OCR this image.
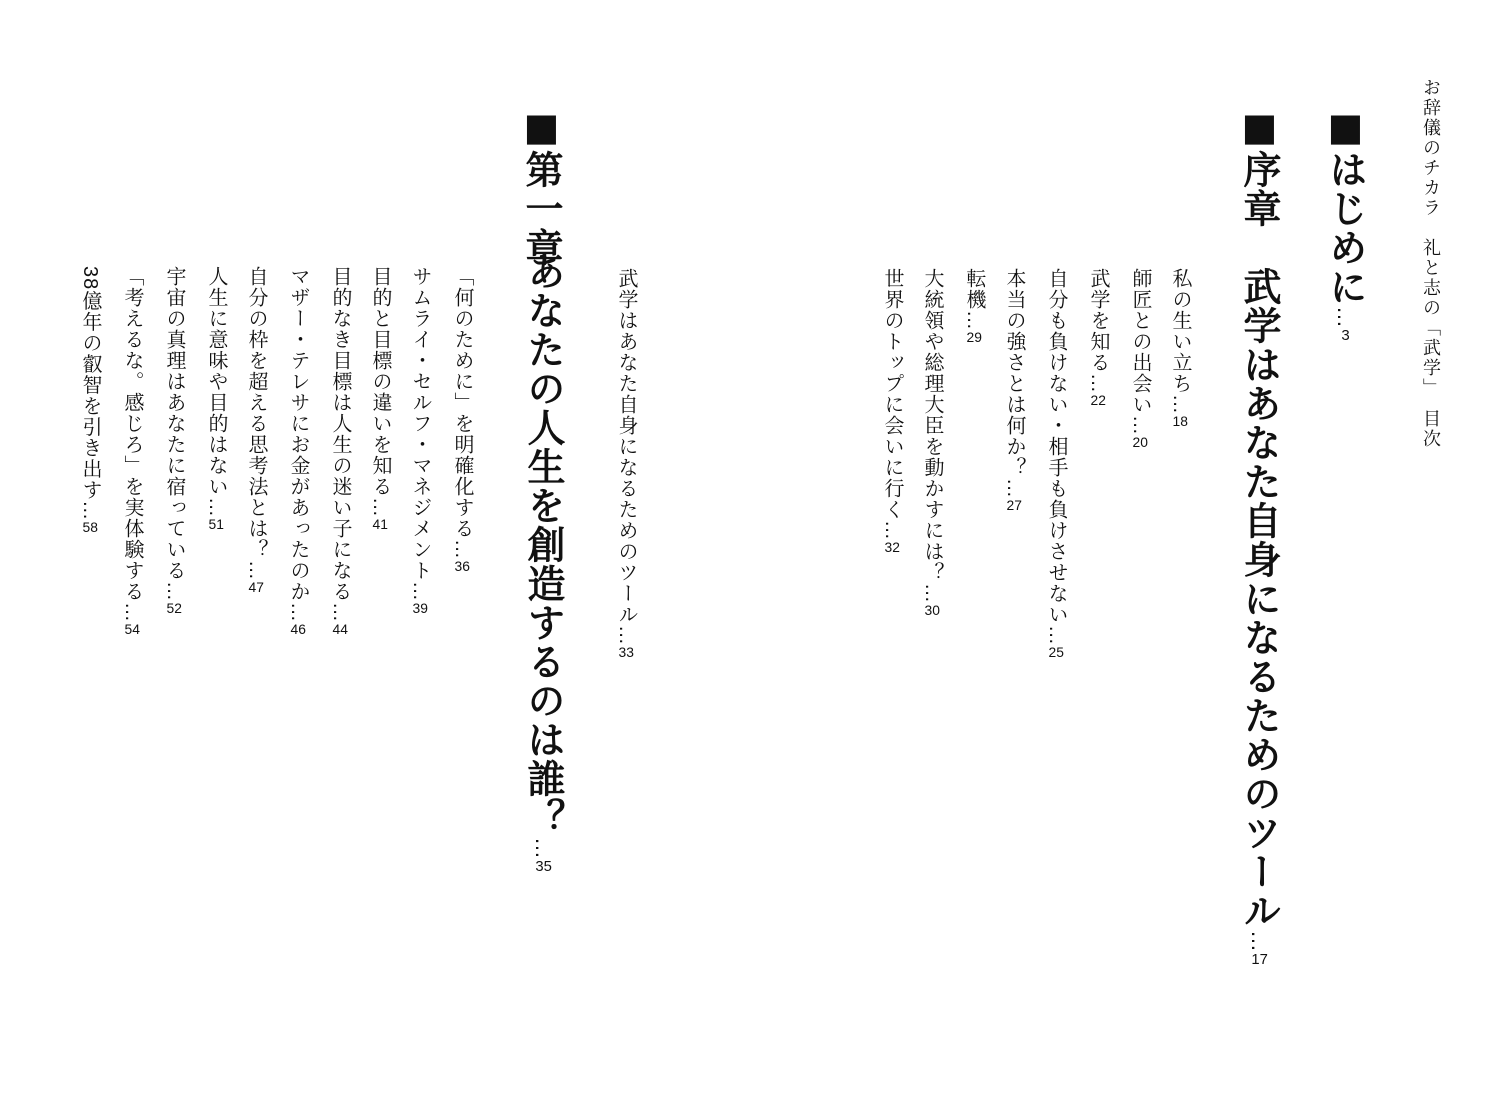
お辞儀のチカラ　礼と志の「武学」　目次
■はじめに…3
■序章　武学はあなた自身になるためのツール…17
私の生い立ち…18
師匠との出会い…20
武学を知る…22
自分も負けない・相手も負けさせない…25
本当の強さとは何か？…27
転機…29
大統領や総理大臣を動かすには？…30
世界のトップに会いに行く…32
武学はあなた自身になるためのツール…33
■第一章
あなたの人生を創造するのは誰？…35
「何のために」を明確化する…36
サムライ・セルフ・マネジメント…39
目的と目標の違いを知る…41
目的なき目標は人生の迷い子になる…44
マザー・テレサにお金があったのか…46
自分の枠を超える思考法とは？…47
人生に意味や目的はない…51
宇宙の真理はあなたに宿っている…52
「考えるな。感じろ」を実体験する…54
38億年の叡智を引き出す…58
